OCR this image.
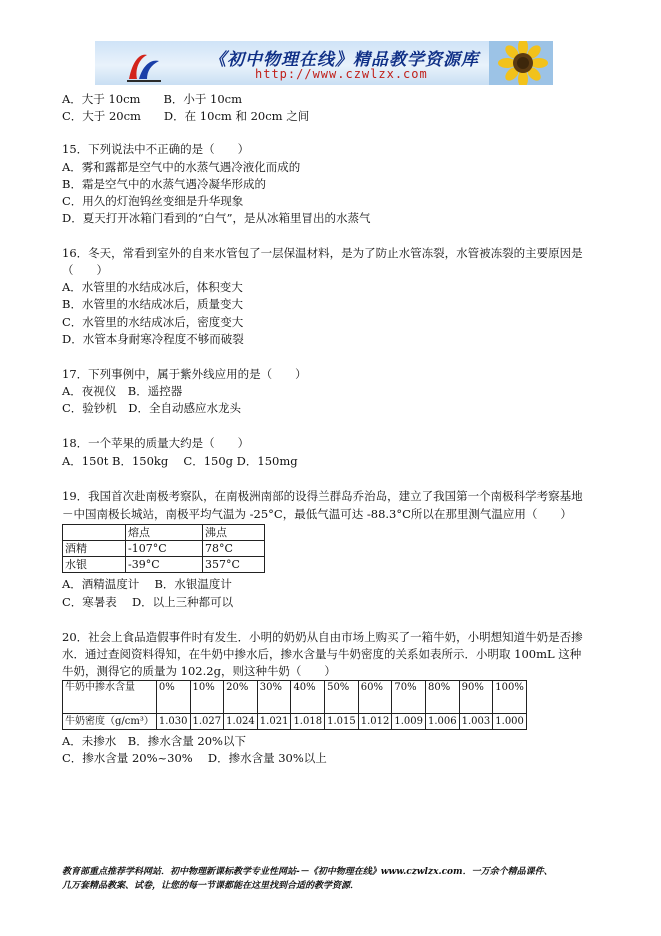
《初中物理在线》精品教学资源库
http://www.czwlzx.com
A．大于 10cm　　B．小于 10cm
C．大于 20cm　　D．在 10cm 和 20cm 之间
15．下列说法中不正确的是（　　）
A．雾和露都是空气中的水蒸气遇冷液化而成的
B．霜是空气中的水蒸气遇冷凝华形成的
C．用久的灯泡钨丝变细是升华现象
D．夏天打开冰箱门看到的“白气”，是从冰箱里冒出的水蒸气
16．冬天，常看到室外的自来水管包了一层保温材料，是为了防止水管冻裂，水管被冻裂的主要原因是
（　　）
A．水管里的水结成冰后，体积变大
B．水管里的水结成冰后，质量变大
C．水管里的水结成冰后，密度变大
D．水管本身耐寒冷程度不够而破裂
17．下列事例中，属于紫外线应用的是（　　）
A．夜视仪　B．遥控器
C．验钞机　D．全自动感应水龙头
18．一个苹果的质量大约是（　　）
A．150t B．150kg　 C．150g D．150mg
19．我国首次赴南极考察队，在南极洲南部的设得兰群岛乔治岛，建立了我国第一个南极科学考察基地
－中国南极长城站，南极平均气温为 -25°C，最低气温可达 -88.3°C所以在那里测气温应用（　　）
	熔点	沸点
酒精	-107°C	78°C
水银	-39°C	357°C
A．酒精温度计　 B．水银温度计
C．寒暑表　 D．以上三种都可以
20．社会上食品造假事件时有发生．小明的奶奶从自由市场上购买了一箱牛奶，小明想知道牛奶是否掺
水．通过查阅资料得知，在牛奶中掺水后，掺水含量与牛奶密度的关系如表所示．小明取 100mL 这种
牛奶，测得它的质量为 102.2g，则这种牛奶（　　）
牛奶中掺水含量	0%	10%	20%	30%	40%	50%	60%	70%	80%	90%	100%
牛奶密度（g/cm³）	1.030	1.027	1.024	1.021	1.018	1.015	1.012	1.009	1.006	1.003	1.000
A．未掺水　B．掺水含量 20%以下
C．掺水含量 20%~30%　 D．掺水含量 30%以上
教育部重点推荐学科网站．初中物理新课标教学专业性网站-－《初中物理在线》www.czwlzx.com．一万余个精品课件、
几万套精品教案、试卷，让您的每一节课都能在这里找到合适的教学资源．
